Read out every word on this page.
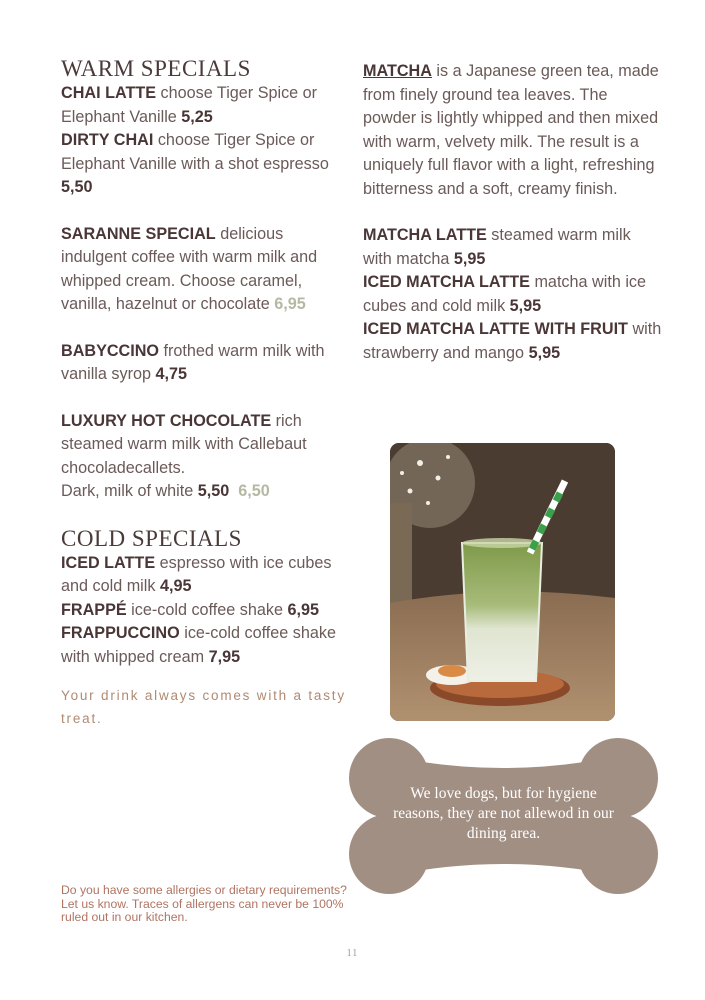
WARM SPECIALS

CHAI LATTE choose Tiger Spice or Elephant Vanille 5,25

DIRTY CHAI choose Tiger Spice or Elephant Vanille with a shot espresso 5,50

SARANNE SPECIAL delicious indulgent coffee with warm milk and whipped cream. Choose caramel, vanilla, hazelnut or chocolate 6,95

BABYCCINO frothed warm milk with vanilla syrop 4,75

LUXURY HOT CHOCOLATE rich steamed warm milk with Callebaut chocoladecallets.
Dark, milk of white 5,50 6,50

COLD SPECIALS

ICED LATTE espresso with ice cubes and cold milk 4,95

FRAPPÉ ice-cold coffee shake 6,95

FRAPPUCCINO ice-cold coffee shake with whipped cream 7,95

Your drink always comes with a tasty treat.

MATCHA is a Japanese green tea, made from finely ground tea leaves. The powder is lightly whipped and then mixed with warm, velvety milk. The result is a uniquely full flavor with a light, refreshing bitterness and a soft, creamy finish.

MATCHA LATTE steamed warm milk with matcha 5,95

ICED MATCHA LATTE matcha with ice cubes and cold milk 5,95

ICED MATCHA LATTE WITH FRUIT with strawberry and mango 5,95

We love dogs, but for hygiene reasons, they are not allewod in our dining area.
Do you have some allergies or dietary requirements? Let us know. Traces of allergens can never be 100% ruled out in our kitchen.
11
